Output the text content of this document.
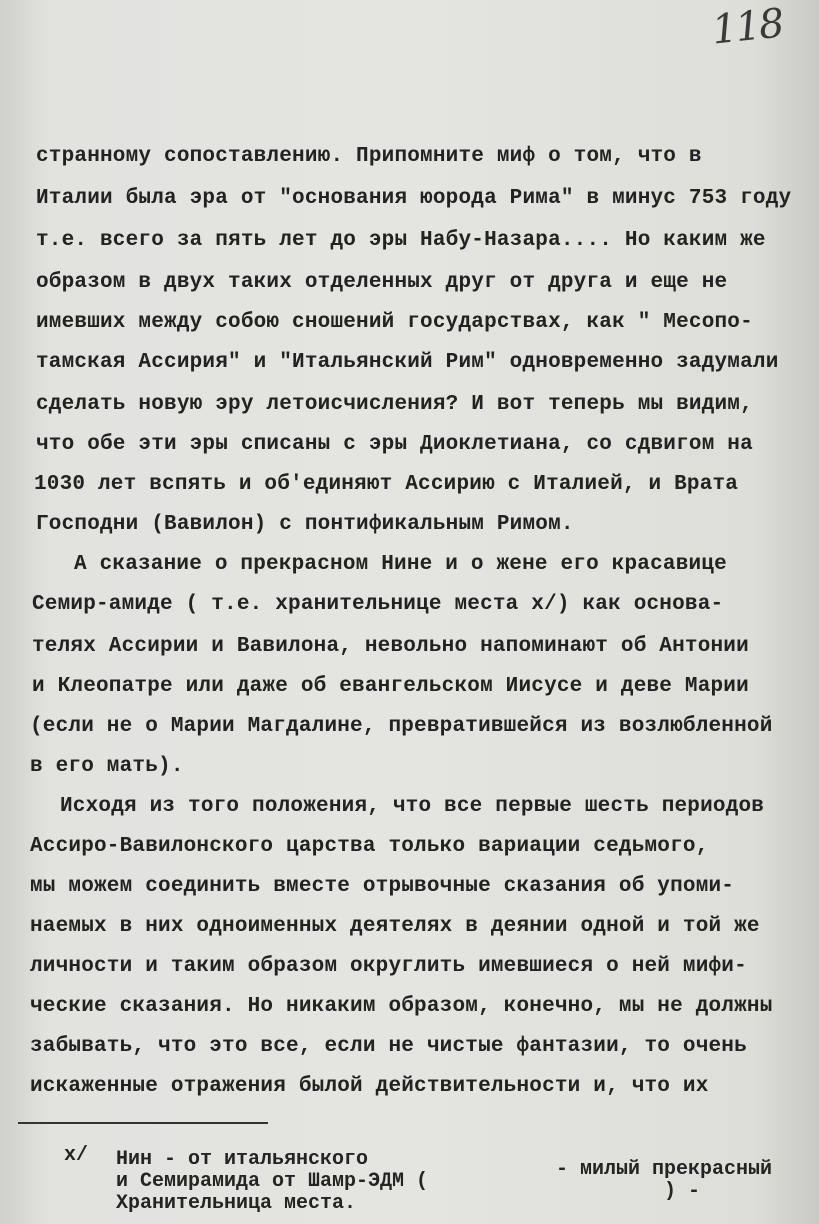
118
странному сопоставлению. Припомните миф о том, что в
Италии была эра от "основания юорода Рима" в минус 753 году
т.е. всего за пять лет до эры Набу-Назара.... Но каким же
образом в двух таких отделенных друг от друга и еще не
имевших между собою сношений государствах, как " Месопо-
тамская Ассирия" и "Итальянский Рим" одновременно задумали
сделать новую эру летоисчисления? И вот теперь мы видим,
что обе эти эры списаны с эры Диоклетиана, со сдвигом на
1030 лет вспять и об'единяют Ассирию с Италией, и Врата
Господни (Вавилон) с понтификальным Римом.
А сказание о прекрасном Нине и о жене его красавице
Семир-амиде ( т.е. хранительнице места x/) как основа-
телях Ассирии и Вавилона, невольно напоминают об Антонии
и Клеопатре или даже об евангельском Иисусе и деве Марии
(если не о Марии Магдалине, превратившейся из возлюбленной
в его мать).
Исходя из того положения, что все первые шесть периодов
Ассиро-Вавилонского царства только вариации седьмого,
мы можем соединить вместе отрывочные сказания об упоми-
наемых в них одноименных деятелях в деянии одной и той же
личности и таким образом округлить имевшиеся о ней мифи-
ческие сказания. Но никаким образом, конечно, мы не должны
забывать, что это все, если не чистые фантазии, то очень
искаженные отражения былой действительности и, что их
x/ Нин - от итальянского	- милый прекрасный
и Семирамида от Шамр-ЭДМ (	) -
Хранительница места.
